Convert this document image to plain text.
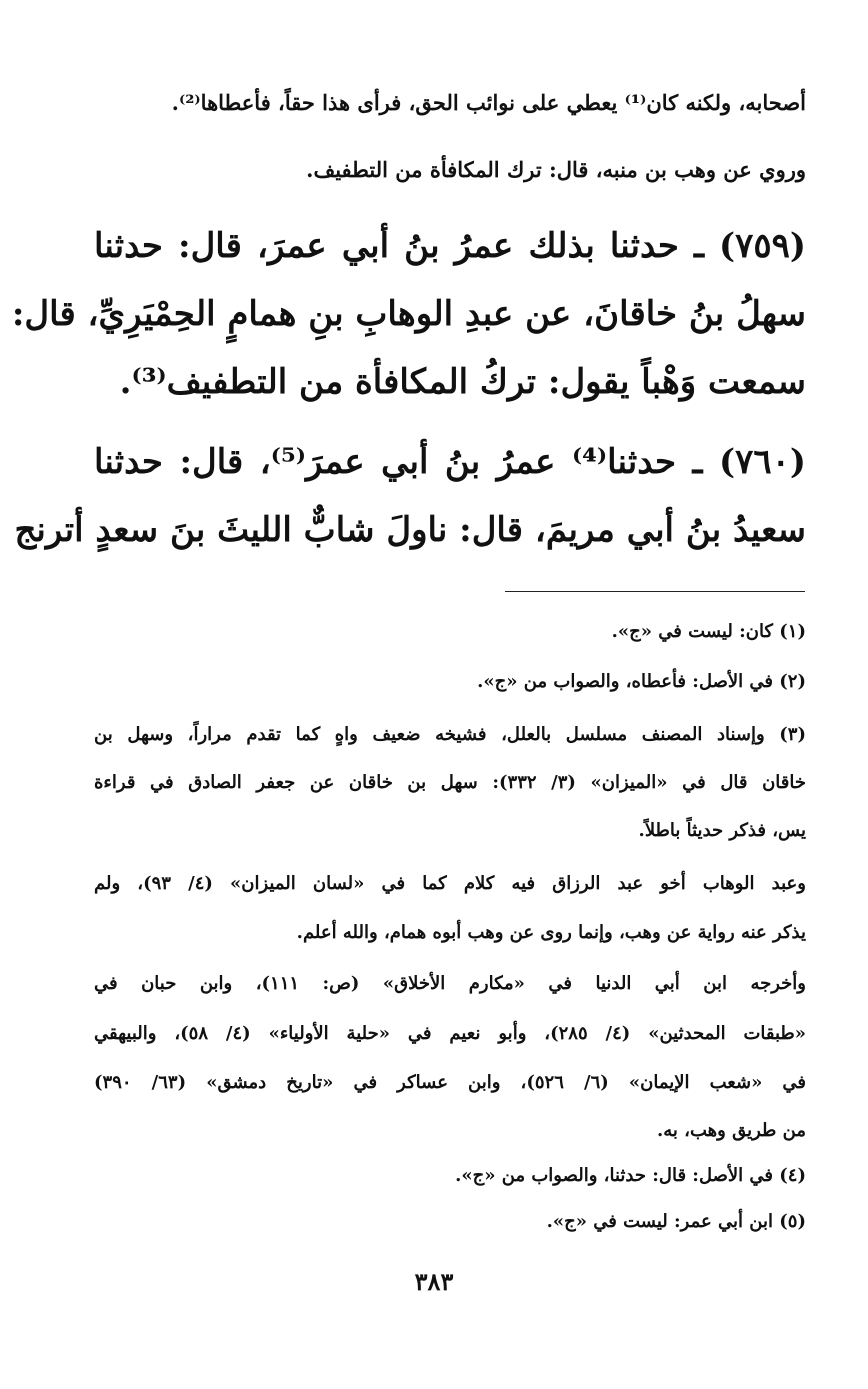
أصحابه، ولكنه كان⁽¹⁾ يعطي على نوائب الحق، فرأى هذا حقاً، فأعطاها⁽²⁾.
وروي عن وهب بن منبه، قال: ترك المكافأة من التطفيف.
(٧٥٩) ـ حدثنا بذلك عمرُ بنُ أبي عمرَ، قال: حدثنا
سهلُ بنُ خاقانَ، عن عبدِ الوهابِ بنِ همامٍ الحِمْيَرِيِّ، قال:
سمعت وَهْباً يقول: تركُ المكافأة من التطفيف⁽³⁾.
(٧٦٠) ـ حدثنا⁽⁴⁾ عمرُ بنُ أبي عمرَ⁽⁵⁾، قال: حدثنا
سعيدُ بنُ أبي مريمَ، قال: ناولَ شابٌّ الليثَ بنَ سعدٍ أترنج
(١) كان: ليست في «ج».
(٢) في الأصل: فأعطاه، والصواب من «ج».
(٣) وإسناد المصنف مسلسل بالعلل، فشيخه ضعيف واهٍ كما تقدم مراراً، وسهل بن
خاقان قال في «الميزان» (٣/ ٣٣٢): سهل بن خاقان عن جعفر الصادق في قراءة
يس، فذكر حديثاً باطلاً.
وعبد الوهاب أخو عبد الرزاق فيه كلام كما في «لسان الميزان» (٤/ ٩٣)، ولم
يذكر عنه رواية عن وهب، وإنما روى عن وهب أبوه همام، والله أعلم.
وأخرجه ابن أبي الدنيا في «مكارم الأخلاق» (ص: ١١١)، وابن حبان في
«طبقات المحدثين» (٤/ ٢٨٥)، وأبو نعيم في «حلية الأولياء» (٤/ ٥٨)، والبيهقي
في «شعب الإيمان» (٦/ ٥٢٦)، وابن عساكر في «تاريخ دمشق» (٦٣/ ٣٩٠)
من طريق وهب، به.
(٤) في الأصل: قال: حدثنا، والصواب من «ج».
(٥) ابن أبي عمر: ليست في «ج».
٣٨٣
